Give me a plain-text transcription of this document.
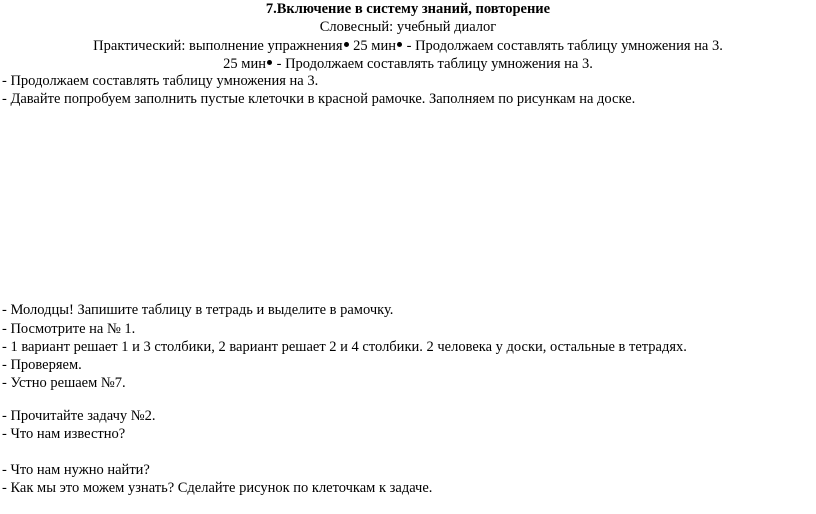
7.Включение в систему знаний, повторение
Словесный: учебный диалог
Практический: выполнение упражнения 25 мин - Продолжаем составлять таблицу умножения на 3.
25 мин - Продолжаем составлять таблицу умножения на 3.
- Продолжаем составлять таблицу умножения на 3.
- Давайте попробуем заполнить пустые клеточки в красной рамочке. Заполняем по рисункам на доске.
- Молодцы! Запишите таблицу в тетрадь и выделите в рамочку.
- Посмотрите на № 1.
- 1 вариант решает 1 и 3 столбики, 2 вариант решает 2 и 4 столбики. 2 человека у доски, остальные в тетрадях.
- Проверяем.
- Устно решаем №7.
- Прочитайте задачу №2.
- Что нам известно?
- Что нам нужно найти?
- Как мы это можем узнать? Сделайте рисунок по клеточкам к задаче.
